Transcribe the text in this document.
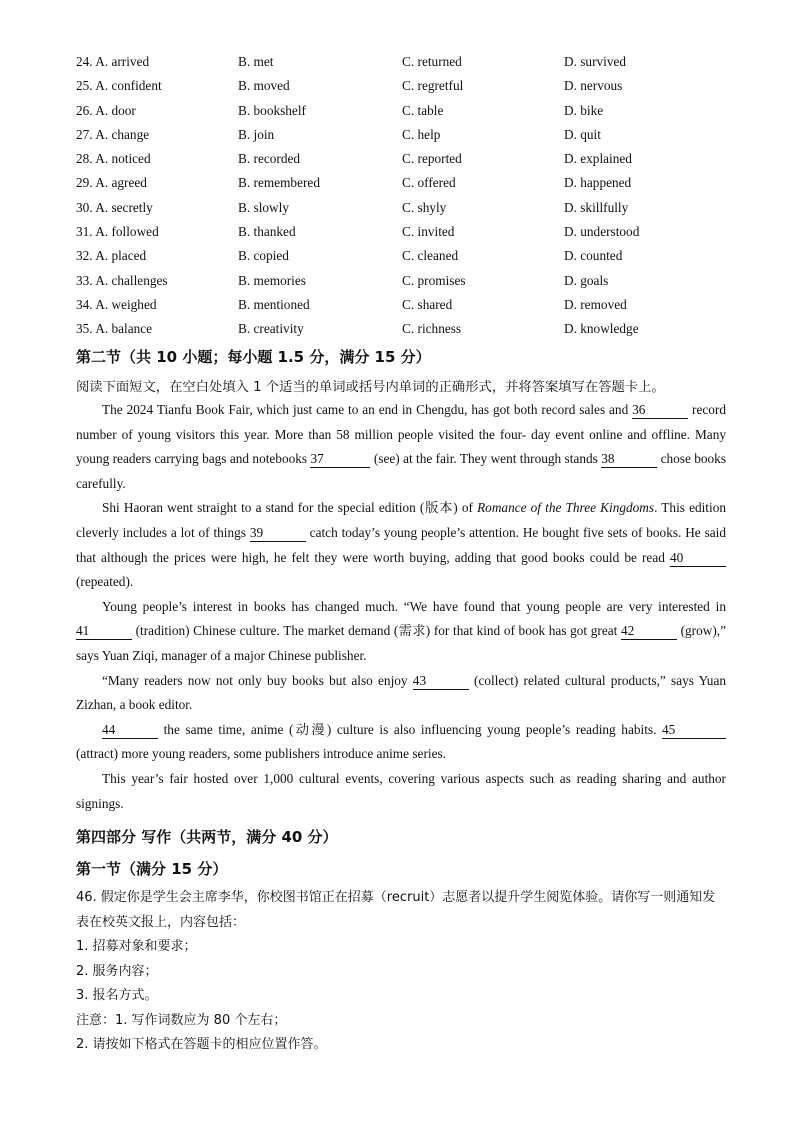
24. A. arrived	B. met	C. returned	D. survived
25. A. confident	B. moved	C. regretful	D. nervous
26. A. door	B. bookshelf	C. table	D. bike
27. A. change	B. join	C. help	D. quit
28. A. noticed	B. recorded	C. reported	D. explained
29. A. agreed	B. remembered	C. offered	D. happened
30. A. secretly	B. slowly	C. shyly	D. skillfully
31. A. followed	B. thanked	C. invited	D. understood
32. A. placed	B. copied	C. cleaned	D. counted
33. A. challenges	B. memories	C. promises	D. goals
34. A. weighed	B. mentioned	C. shared	D. removed
35. A. balance	B. creativity	C. richness	D. knowledge
第二节（共 10 小题；每小题 1.5 分，满分 15 分）
阅读下面短文，在空白处填入 1 个适当的单词或括号内单词的正确形式，并将答案填写在答题卡上。

The 2024 Tianfu Book Fair, which just came to an end in Chengdu, has got both record sales and 36	record number of young visitors this year. More than 58 million people visited the four- day event online and offline. Many young readers carrying bags and notebooks 37	(see) at the fair. They went through stands 38	chose books carefully.

Shi Haoran went straight to a stand for the special edition (版本) of Romance of the Three Kingdoms. This edition cleverly includes a lot of things 39	catch today’s young people’s attention. He bought five sets of books. He said that although the prices were high, he felt they were worth buying, adding that good books could be read 40 (repeated).

Young people’s interest in books has changed much. “We have found that young people are very interested in 41	(tradition) Chinese culture. The market demand (需求) for that kind of book has got great 42	(grow),” says Yuan Ziqi, manager of a major Chinese publisher.

“Many readers now not only buy books but also enjoy 43	(collect) related cultural products,” says Yuan Zizhan, a book editor.

44	the same time, anime (动漫) culture is also influencing young people’s reading habits. 45 (attract) more young readers, some publishers introduce anime series.

This year’s fair hosted over 1,000 cultural events, covering various aspects such as reading sharing and author signings.

第四部分 写作（共两节，满分 40 分）
第一节（满分 15 分）

46. 假定你是学生会主席李华，你校图书馆正在招募（recruit）志愿者以提升学生阅览体验。请你写一则通知发表在校英文报上，内容包括：

1. 招募对象和要求；

2. 服务内容；

3. 报名方式。

注意：1. 写作词数应为 80 个左右；

2. 请按如下格式在答题卡的相应位置作答。
